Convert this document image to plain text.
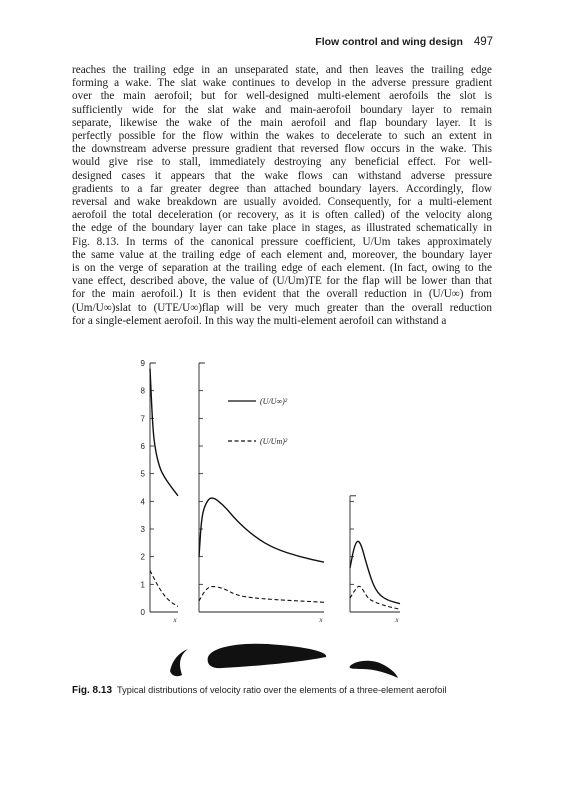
Flow control and wing design 497
reaches the trailing edge in an unseparated state, and then leaves the trailing edge
forming a wake. The slat wake continues to develop in the adverse pressure gradient
over the main aerofoil; but for well-designed multi-element aerofoils the slot is
sufficiently wide for the slat wake and main-aerofoil boundary layer to remain
separate, likewise the wake of the main aerofoil and flap boundary layer. It is
perfectly possible for the flow within the wakes to decelerate to such an extent in
the downstream adverse pressure gradient that reversed flow occurs in the wake. This
would give rise to stall, immediately destroying any beneficial effect. For well-
designed cases it appears that the wake flows can withstand adverse pressure
gradients to a far greater degree than attached boundary layers. Accordingly, flow
reversal and wake breakdown are usually avoided. Consequently, for a multi-element
aerofoil the total deceleration (or recovery, as it is often called) of the velocity along
the edge of the boundary layer can take place in stages, as illustrated schematically in
Fig. 8.13. In terms of the canonical pressure coefficient, U/Um takes approximately
the same value at the trailing edge of each element and, moreover, the boundary layer
is on the verge of separation at the trailing edge of each element. (In fact, owing to the
vane effect, described above, the value of (U/Um)TE for the flap will be lower than that
for the main aerofoil.) It is then evident that the overall reduction in (U/U∞) from
(Um/U∞)slat to (UTE/U∞)flap will be very much greater than the overall reduction
for a single-element aerofoil. In this way the multi-element aerofoil can withstand a
0
1
2
3
4
5
6
7
8
9
x	x	x
(U/U∞)²
(U/Um)²
Fig. 8.13 Typical distributions of velocity ratio over the elements of a three-element aerofoil
